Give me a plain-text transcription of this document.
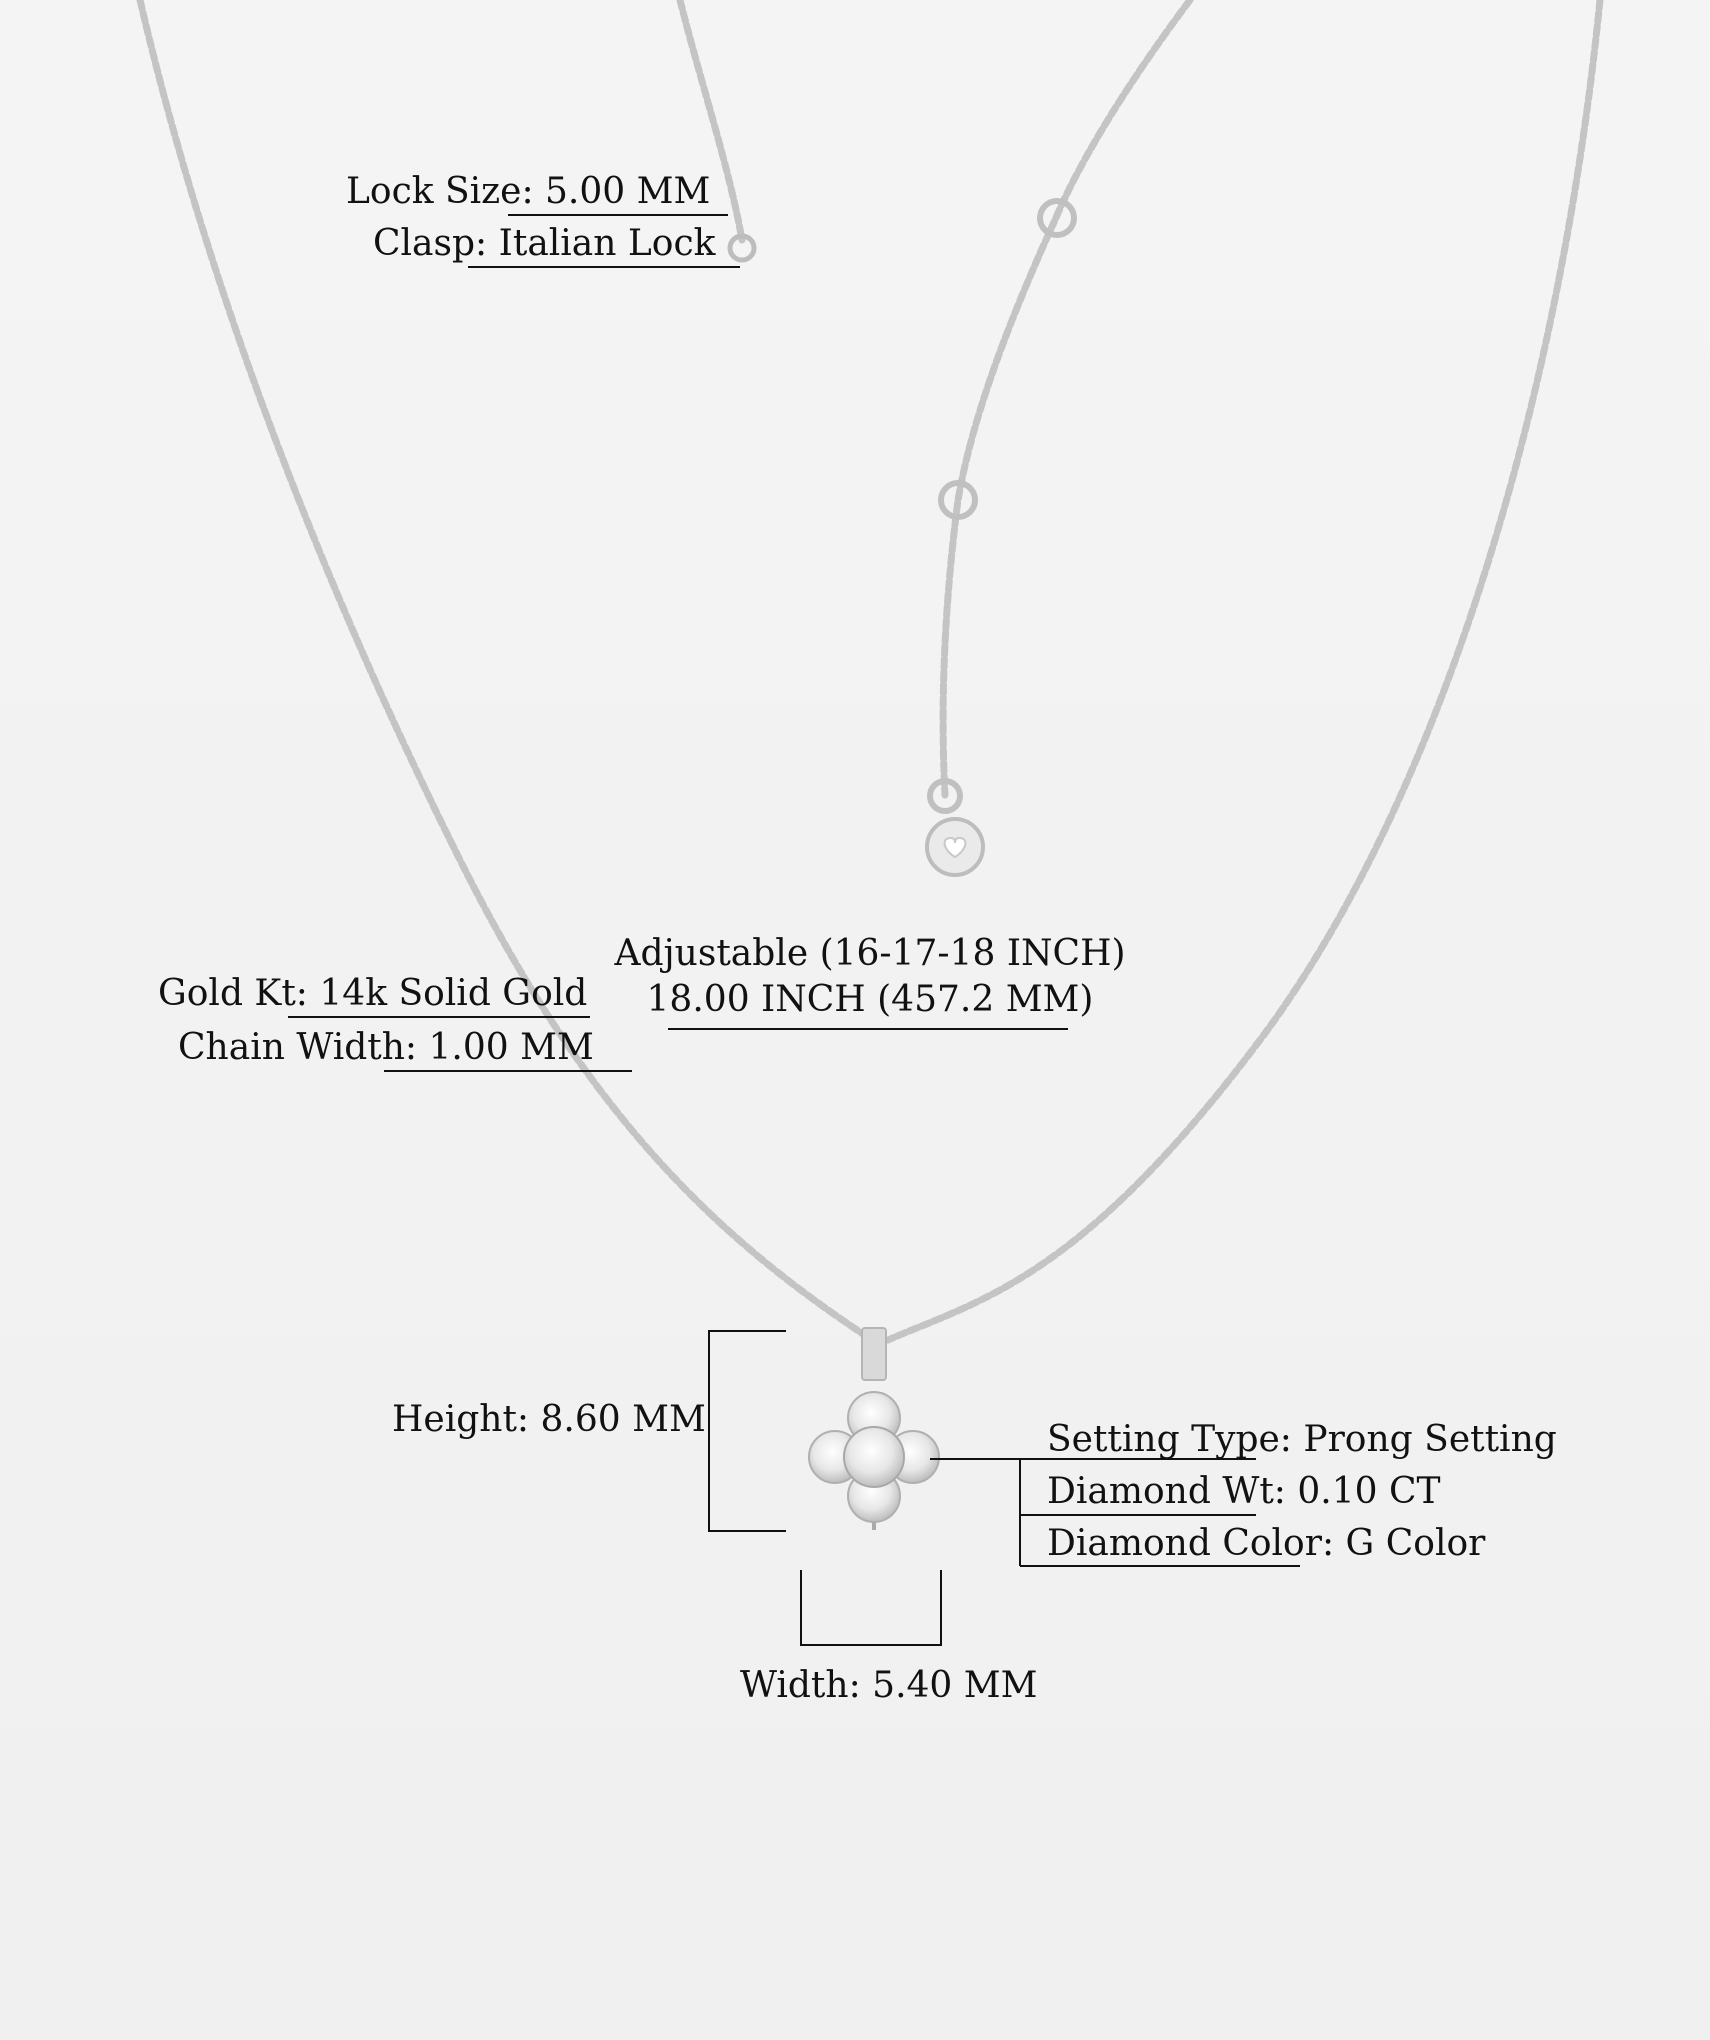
Lock Size: 5.00 MM
Clasp: Italian Lock
Gold Kt: 14k Solid Gold
Chain Width: 1.00 MM
Adjustable (16-17-18 INCH)
18.00 INCH (457.2 MM)
Height: 8.60 MM
Width: 5.40 MM
Setting Type: Prong Setting
Diamond Wt: 0.10 CT
Diamond Color: G Color
